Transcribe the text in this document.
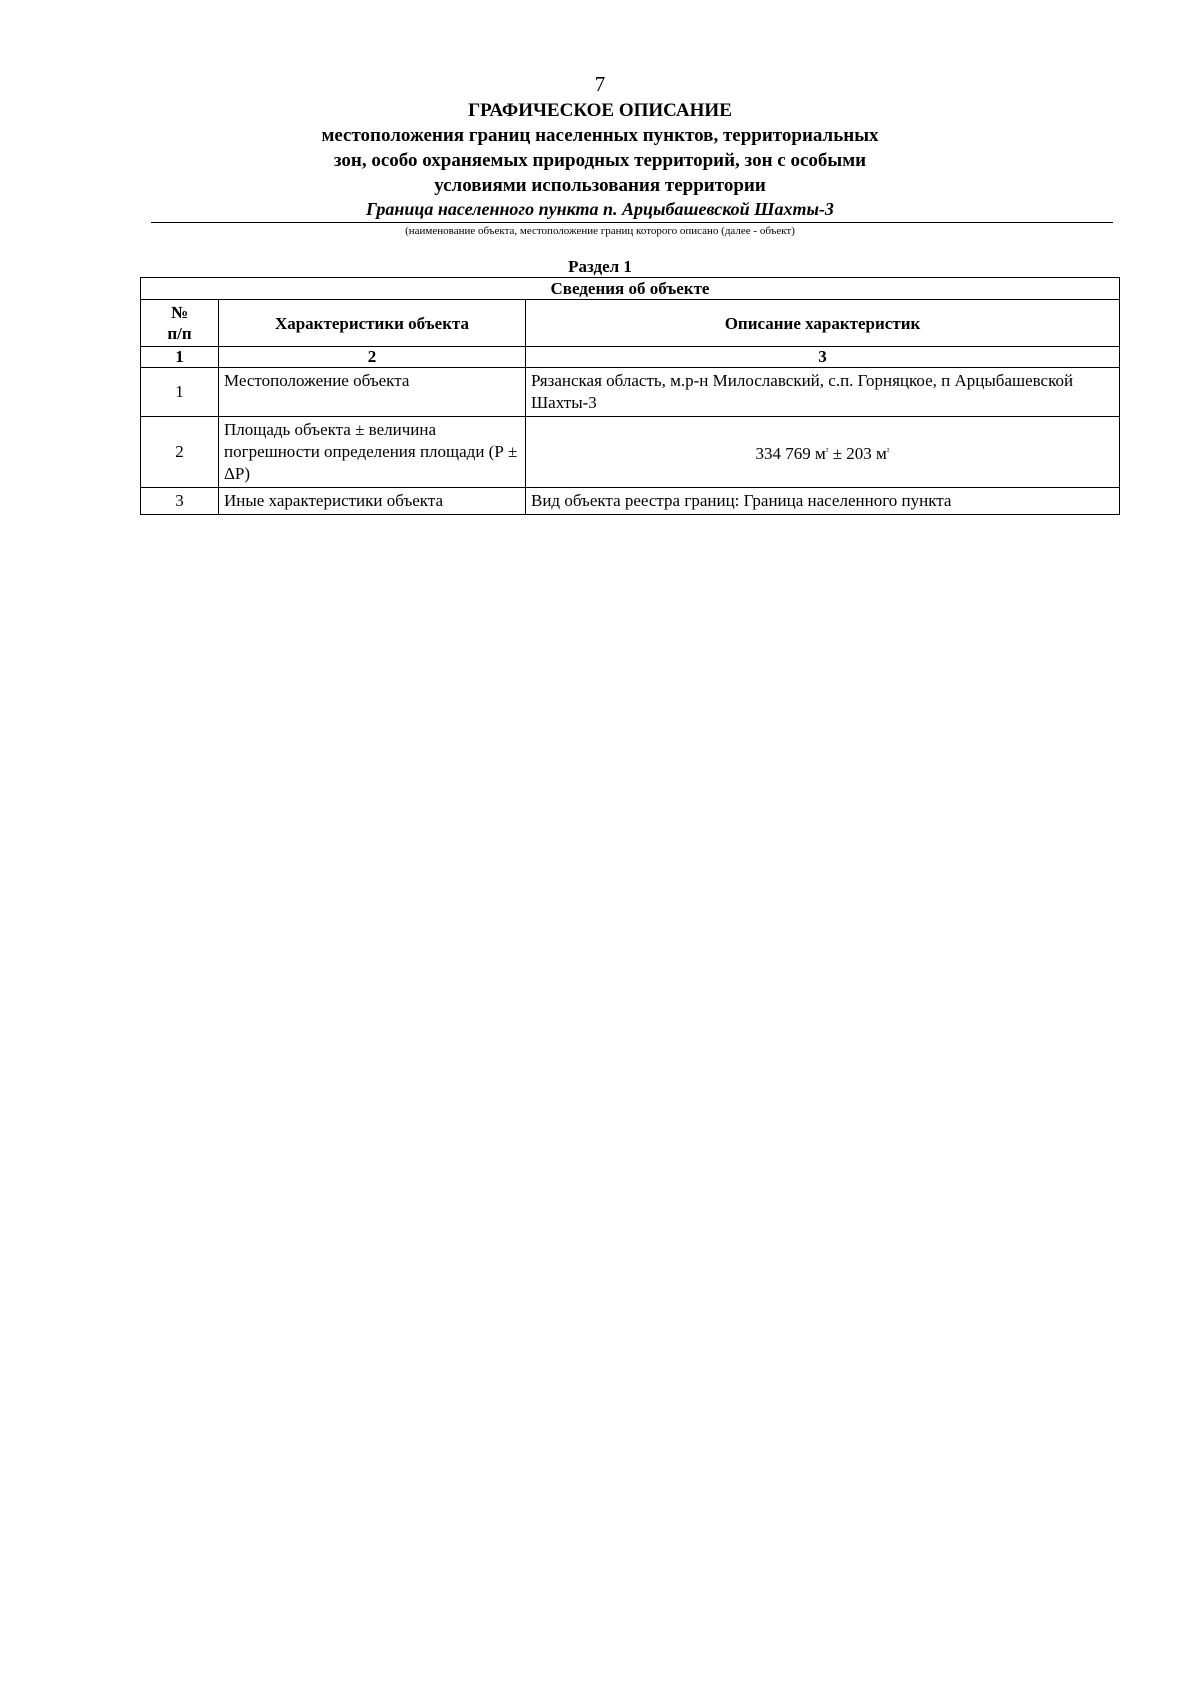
7
ГРАФИЧЕСКОЕ ОПИСАНИЕ
местоположения границ населенных пунктов, территориальных
зон, особо охраняемых природных территорий, зон с особыми
условиями использования территории
Граница населенного пункта п. Арцыбашевской Шахты-3
(наименование объекта, местоположение границ которого описано (далее - объект)
Раздел 1
Сведения об объекте		

№
п/п	Характеристики объекта	Описание характеристик
1	2	3
1	Местоположение объекта	Рязанская область, м.р-н Милославский, с.п. Горняцкое, п Арцыбашевской Шахты-3
2	Площадь объекта ± величина погрешности определения площади (Р ± ΔР)	334 769 $м^{^2} \pm 203$ $м^{^2}$
3	Иные характеристики объекта	Вид объекта реестра границ: Граница населенного пункта
